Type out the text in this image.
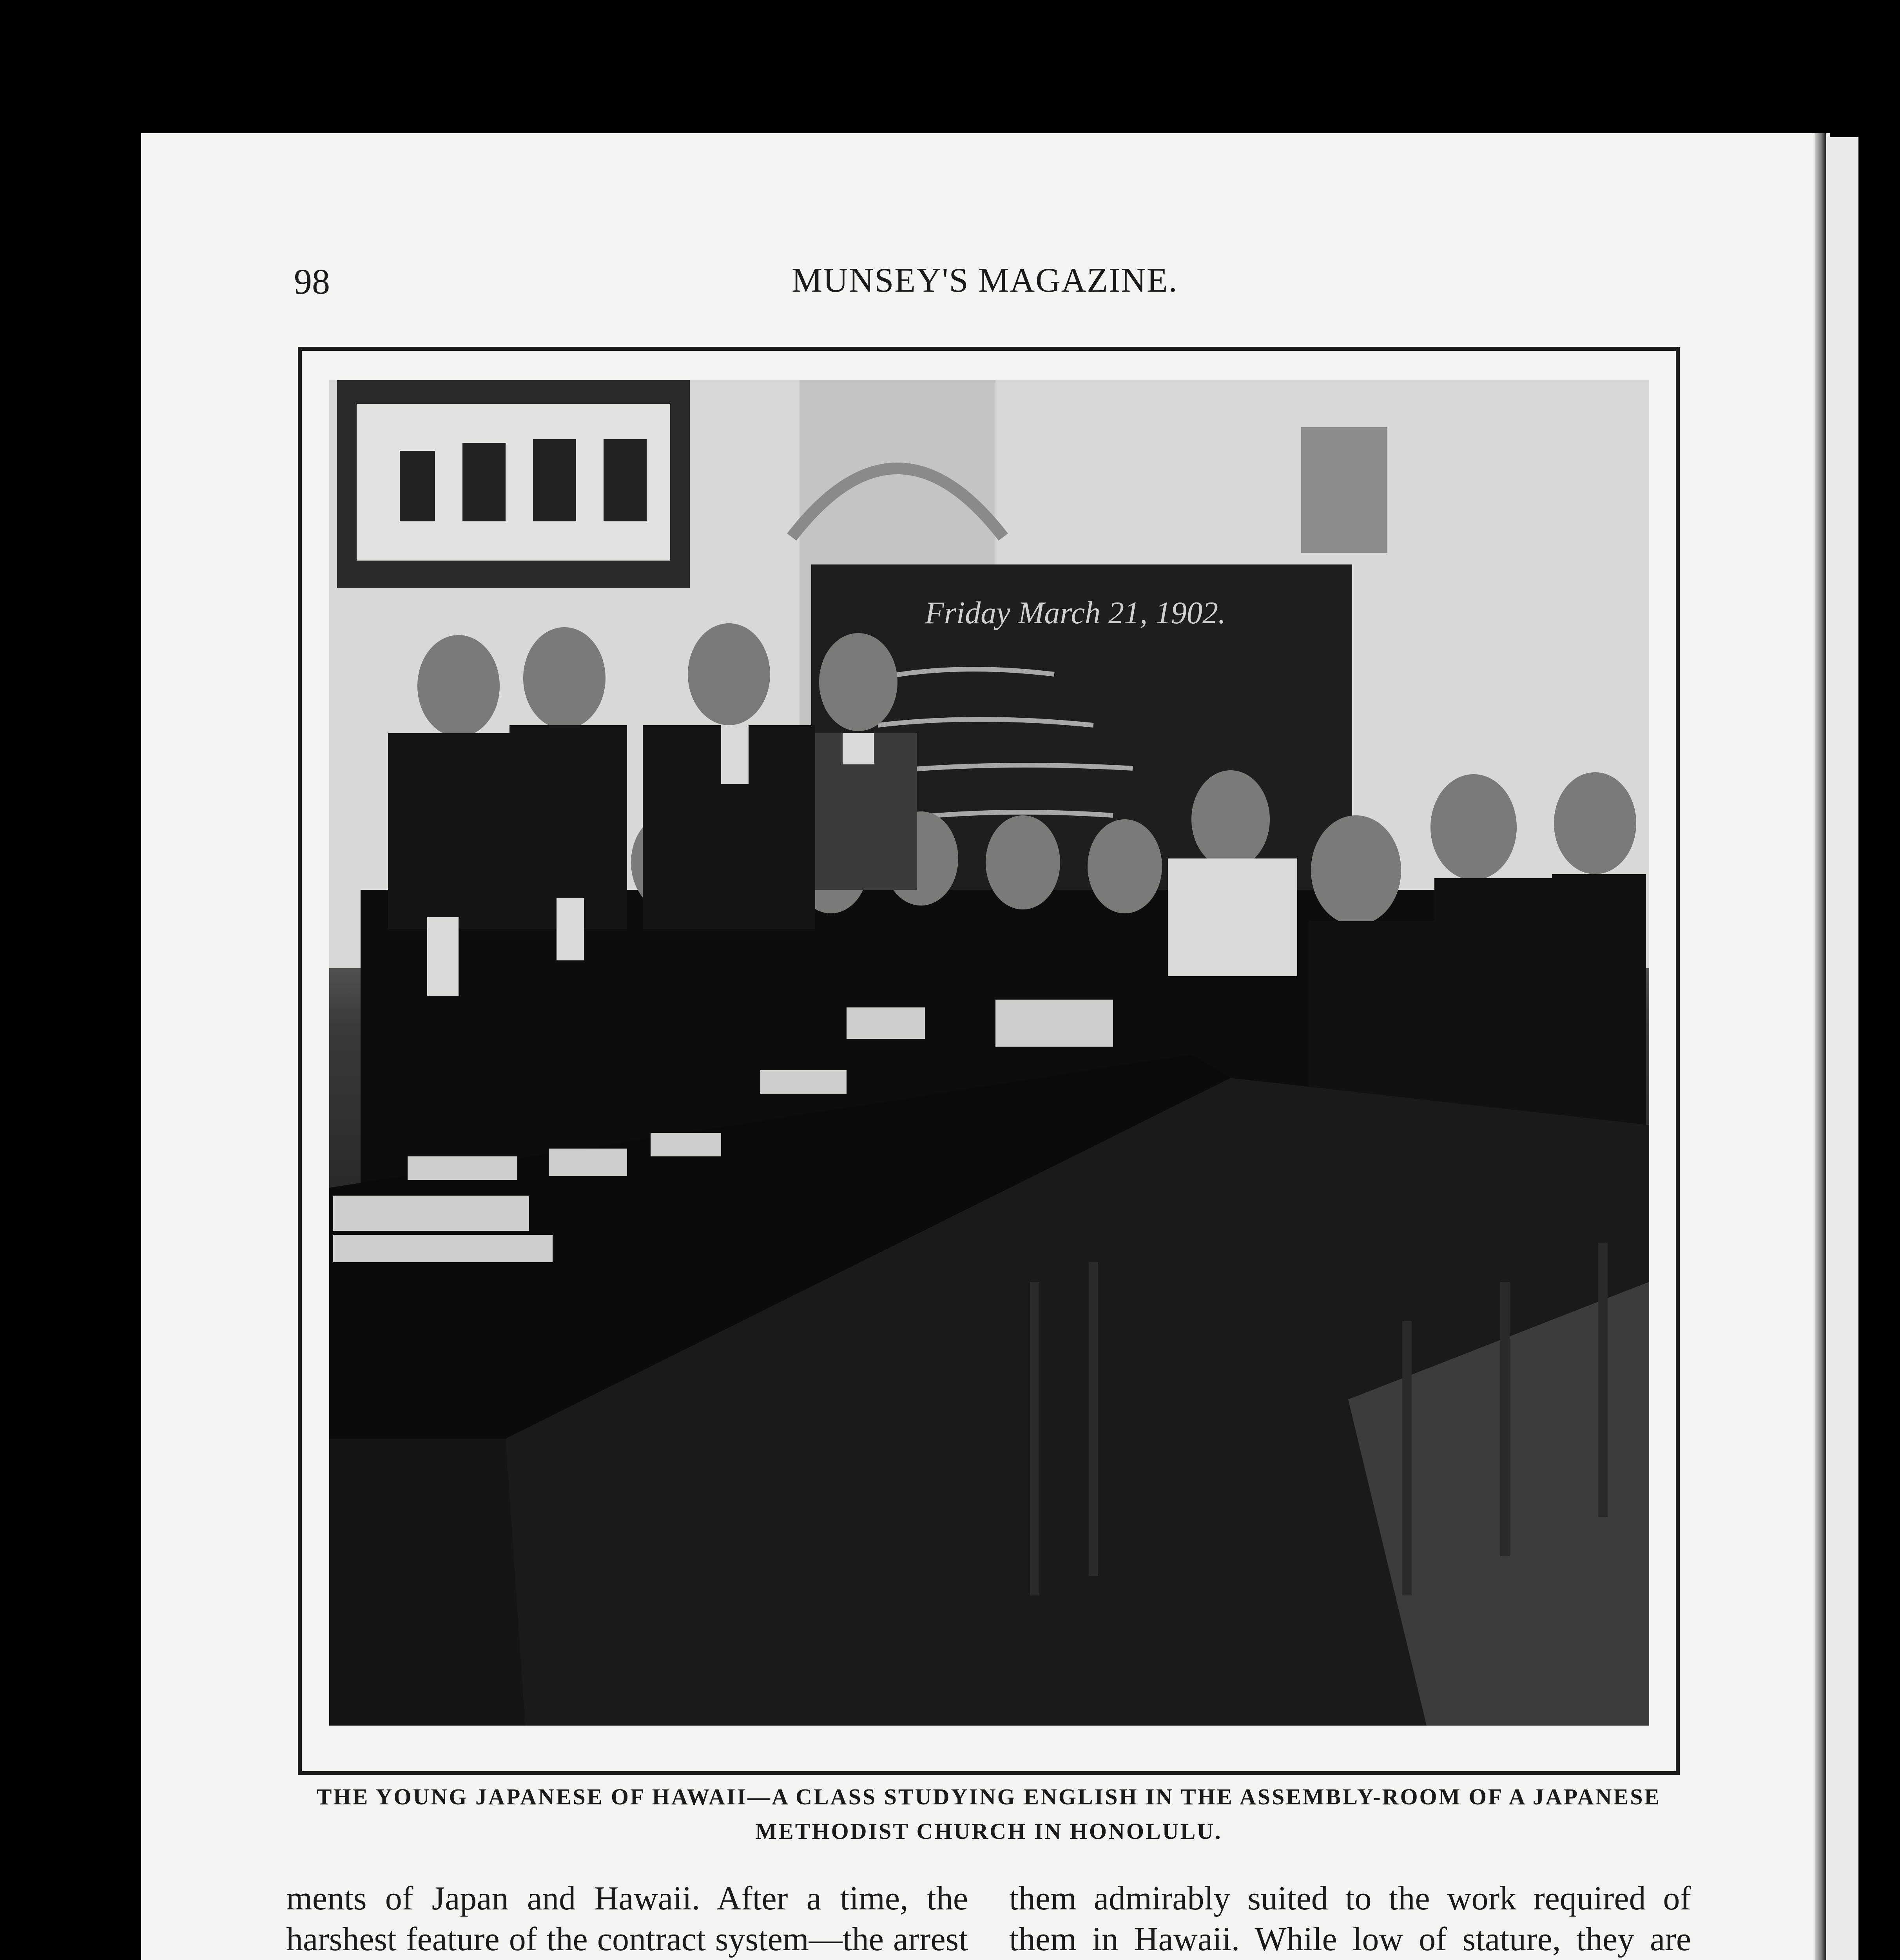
98	MUNSEY'S MAGAZINE.
Friday March 21, 1902.
THE YOUNG JAPANESE OF HAWAII—A CLASS STUDYING ENGLISH IN THE ASSEMBLY-ROOM OF A JAPANESE METHODIST CHURCH IN HONOLULU.

ments of Japan and Hawaii. After a time, the harshest feature of the contract system—the arrest

them admirably suited to the work required of them in Hawaii. While low of stature, they are
